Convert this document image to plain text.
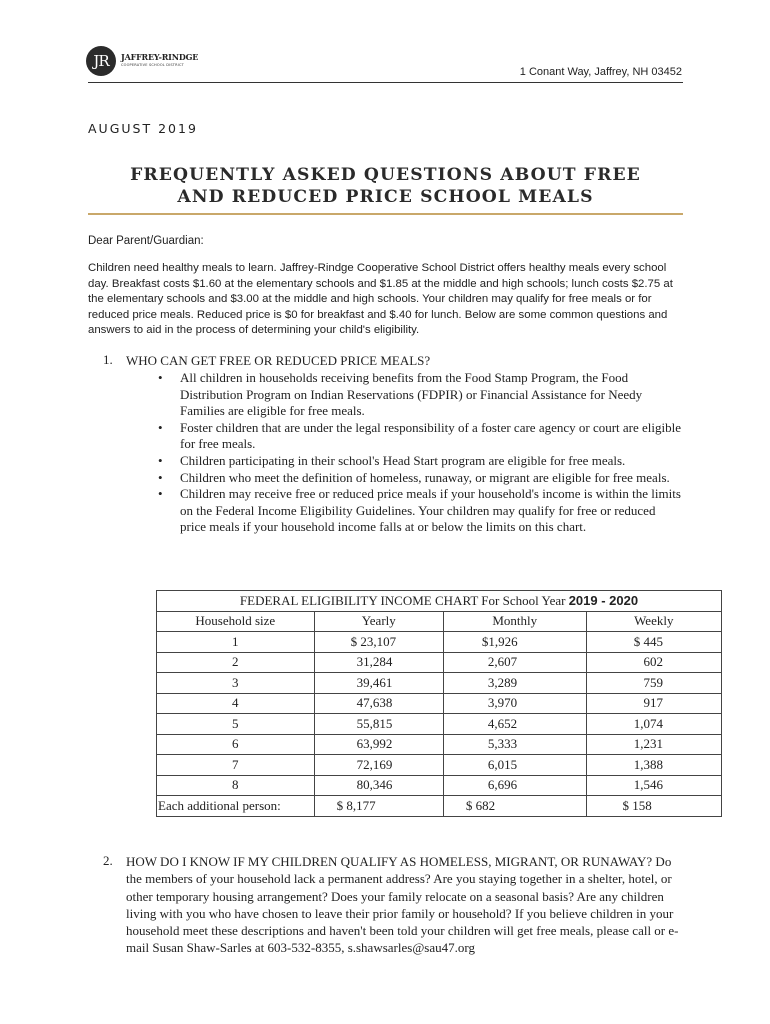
JR	JAFFREY-RINDGE
COOPERATIVE SCHOOL DISTRICT
1 Conant Way, Jaffrey, NH 03452
AUGUST 2019
FREQUENTLY ASKED QUESTIONS ABOUT FREE
AND REDUCED PRICE SCHOOL MEALS
Dear Parent/Guardian:
Children need healthy meals to learn. Jaffrey-Rindge Cooperative School District offers healthy meals every school day. Breakfast costs $1.60 at the elementary schools and $1.85 at the middle and high schools; lunch costs $2.75 at the elementary schools and $3.00 at the middle and high schools. Your children may qualify for free meals or for reduced price meals. Reduced price is $0 for breakfast and $.40 for lunch. Below are some common questions and answers to aid in the process of determining your child's eligibility.
1. WHO CAN GET FREE OR REDUCED PRICE MEALS?
• All children in households receiving benefits from the Food Stamp Program, the Food Distribution Program on Indian Reservations (FDPIR) or Financial Assistance for Needy Families are eligible for free meals.
• Foster children that are under the legal responsibility of a foster care agency or court are eligible for free meals.
• Children participating in their school's Head Start program are eligible for free meals.
• Children who meet the definition of homeless, runaway, or migrant are eligible for free meals.
• Children may receive free or reduced price meals if your household's income is within the limits on the Federal Income Eligibility Guidelines. Your children may qualify for free or reduced price meals if your household income falls at or below the limits on this chart.
FEDERAL ELIGIBILITY INCOME CHART For School Year 2019 - 2020			
Household size	Yearly	Monthly	Weekly
1	$ 23,107	$1,926	$ 445
2	31,284	2,607	602
3	39,461	3,289	759
4	47,638	3,970	917
5	55,815	4,652	1,074
6	63,992	5,333	1,231
7	72,169	6,015	1,388
8	80,346	6,696	1,546
Each additional person:	$ 8,177	$ 682	$ 158
2. HOW DO I KNOW IF MY CHILDREN QUALIFY AS HOMELESS, MIGRANT, OR RUNAWAY? Do the members of your household lack a permanent address? Are you staying together in a shelter, hotel, or other temporary housing arrangement? Does your family relocate on a seasonal basis? Are any children living with you who have chosen to leave their prior family or household? If you believe children in your household meet these descriptions and haven't been told your children will get free meals, please call or e-mail Susan Shaw-Sarles at 603-532-8355, s.shawsarles@sau47.org
